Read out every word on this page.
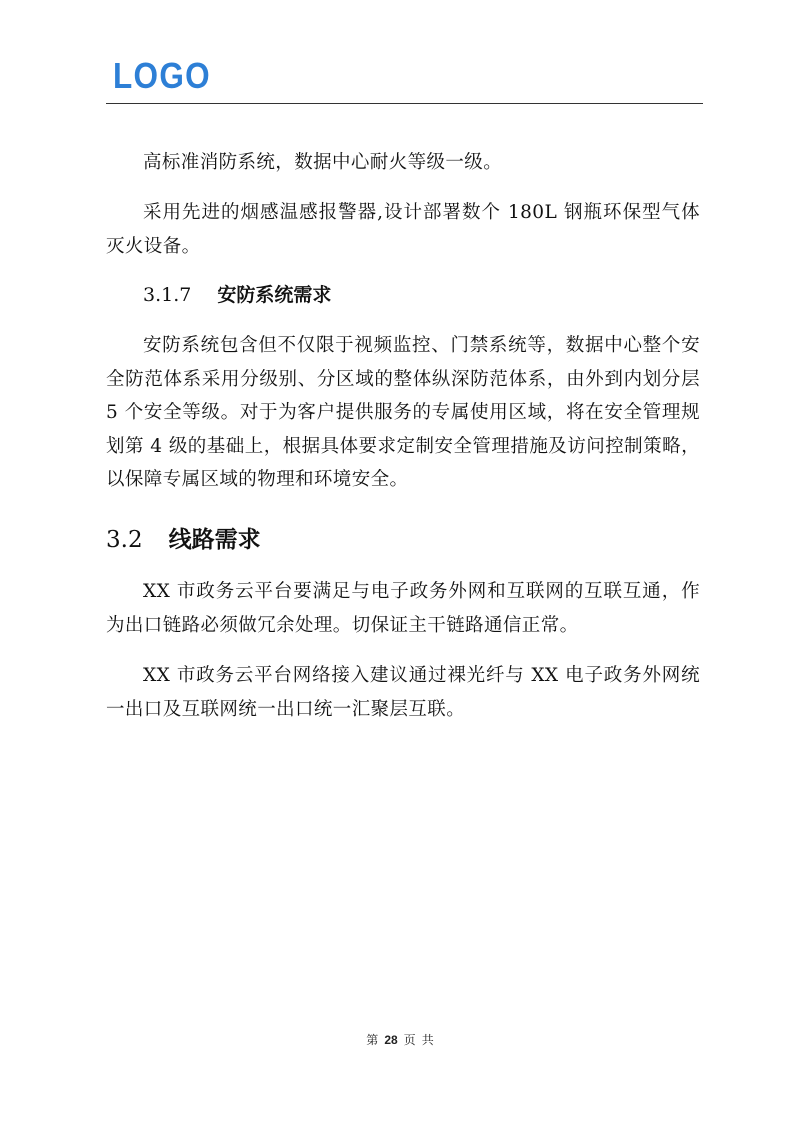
LOGO

高标准消防系统，数据中心耐火等级一级。

采用先进的烟感温感报警器,设计部署数个 180L 钢瓶环保型气体灭火设备。

3.1.7 安防系统需求

安防系统包含但不仅限于视频监控、门禁系统等，数据中心整个安全防范体系采用分级别、分区域的整体纵深防范体系，由外到内划分层 5 个安全等级。对于为客户提供服务的专属使用区域，将在安全管理规划第 4 级的基础上，根据具体要求定制安全管理措施及访问控制策略，以保障专属区域的物理和环境安全。

3.2 线路需求

XX 市政务云平台要满足与电子政务外网和互联网的互联互通，作为出口链路必须做冗余处理。切保证主干链路通信正常。

XX 市政务云平台网络接入建议通过裸光纤与 XX 电子政务外网统一出口及互联网统一出口统一汇聚层互联。

第 28 页 共
